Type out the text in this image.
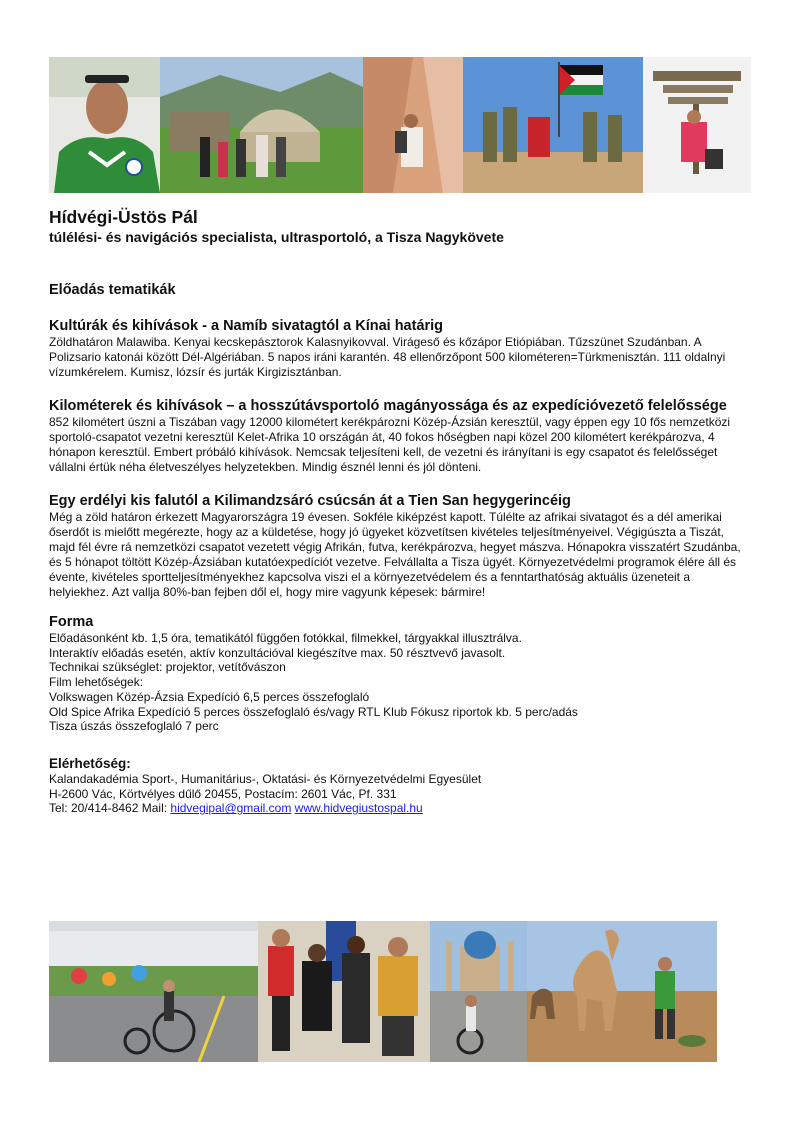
Hídvégi-Üstös Pál

túlélési- és navigációs specialista, ultrasportoló, a Tisza Nagykövete

Előadás tematikák

Kultúrák és kihívások - a Namíb sivatagtól a Kínai határig

Zöldhatáron Malawiba. Kenyai kecskepásztorok Kalasnyikovval. Virágeső és kőzápor Etiópiában. Tűzszünet Szudánban. A Polizsario katonái között Dél-Algériában. 5 napos iráni karantén. 48 ellenőrzőpont 500 kilométeren=Türkmenisztán. 111 oldalnyi vízumkérelem. Kumisz, lózsír és jurták Kirgizisztánban.

Kilométerek és kihívások – a hosszútávsportoló magányossága és az expedícióvezető felelőssége

852 kilométert úszni a Tiszában vagy 12000 kilométert kerékpározni Közép-Ázsián keresztül, vagy éppen egy 10 fős nemzetközi sportoló-csapatot vezetni keresztül Kelet-Afrika 10 országán át, 40 fokos hőségben napi közel 200 kilométert kerékpározva, 4 hónapon keresztül. Embert próbáló kihívások. Nemcsak teljesíteni kell, de vezetni és irányítani is egy csapatot és felelősséget vállalni értük néha életveszélyes helyzetekben. Mindig észnél lenni és jól dönteni.

Egy erdélyi kis falutól a Kilimandzsáró csúcsán át a Tien San hegygerincéig

Még a zöld határon érkezett Magyarországra 19 évesen. Sokféle kiképzést kapott. Túlélte az afrikai sivatagot és a dél amerikai őserdőt is mielőtt megérezte, hogy az a küldetése, hogy jó ügyeket közvetítsen kivételes teljesítményeivel. Végigúszta a Tiszát, majd fél évre rá nemzetközi csapatot vezetett végig Afrikán, futva, kerékpározva, hegyet mászva. Hónapokra visszatért Szudánba, és 5 hónapot töltött Közép-Ázsiában kutatóexpedíciót vezetve. Felvállalta a Tisza ügyét. Környezetvédelmi programok élére áll és évente, kivételes sportteljesítményekhez kapcsolva viszi el a környezetvédelem és a fenntarthatóság aktuális üzeneteit a helyiekhez. Azt vallja 80%-ban fejben dől el, hogy mire vagyunk képesek: bármire!

Forma

Előadásonként kb. 1,5 óra, tematikától függően fotókkal, filmekkel, tárgyakkal illusztrálva.

Interaktív előadás esetén, aktív konzultációval kiegészítve max. 50 résztvevő javasolt.

Technikai szükséglet: projektor, vetítővászon

Film lehetőségek:

Volkswagen Közép-Ázsia Expedíció 6,5 perces összefoglaló

Old Spice Afrika Expedíció 5 perces összefoglaló és/vagy RTL Klub Fókusz riportok kb. 5 perc/adás

Tisza úszás összefoglaló 7 perc

Elérhetőség:

Kalandakadémia Sport-, Humanitárius-, Oktatási- és Környezetvédelmi Egyesület

H-2600 Vác, Körtvélyes dűlő 20455, Postacím: 2601 Vác, Pf. 331

Tel: 20/414-8462 Mail: hidvegipal@gmail.com www.hidvegiustospal.hu
